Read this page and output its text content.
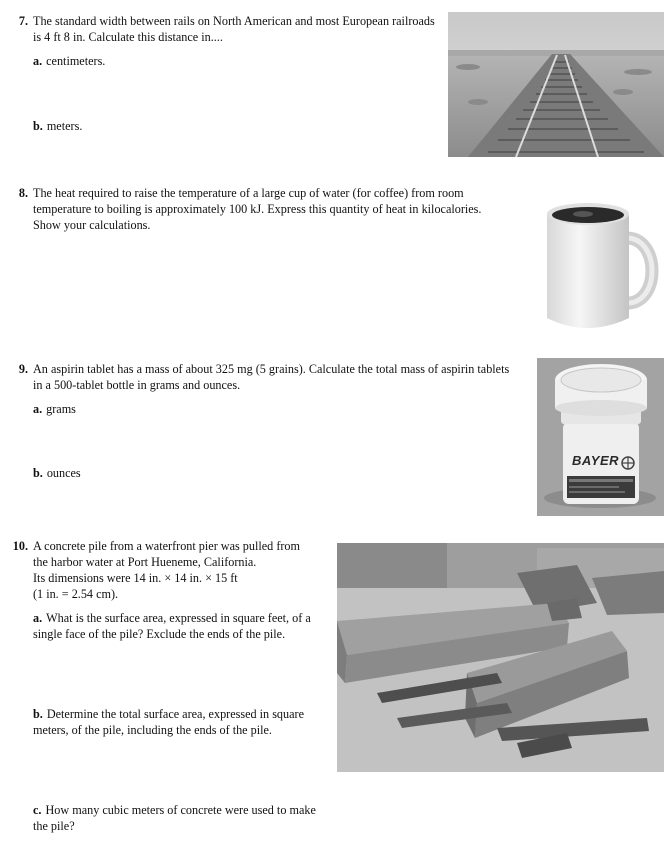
7. The standard width between rails on North American and most European railroads is 4 ft 8 in. Calculate this distance in....
a. centimeters.
b. meters.
8. The heat required to raise the temperature of a large cup of water (for coffee) from room temperature to boiling is approximately 100 kJ. Express this quantity of heat in kilocalories. Show your calculations.
9. An aspirin tablet has a mass of about 325 mg (5 grains). Calculate the total mass of aspirin tablets in a 500-tablet bottle in grams and ounces.
a. grams
b. ounces
BAYER
10. A concrete pile from a waterfront pier was pulled from
the harbor water at Port Hueneme, California.
Its dimensions were 14 in. × 14 in. × 15 ft
(1 in. = 2.54 cm).
a. What is the surface area, expressed in square feet, of a single face of the pile? Exclude the ends of the pile.
b. Determine the total surface area, expressed in square meters, of the pile, including the ends of the pile.
c. How many cubic meters of concrete were used to make the pile?
